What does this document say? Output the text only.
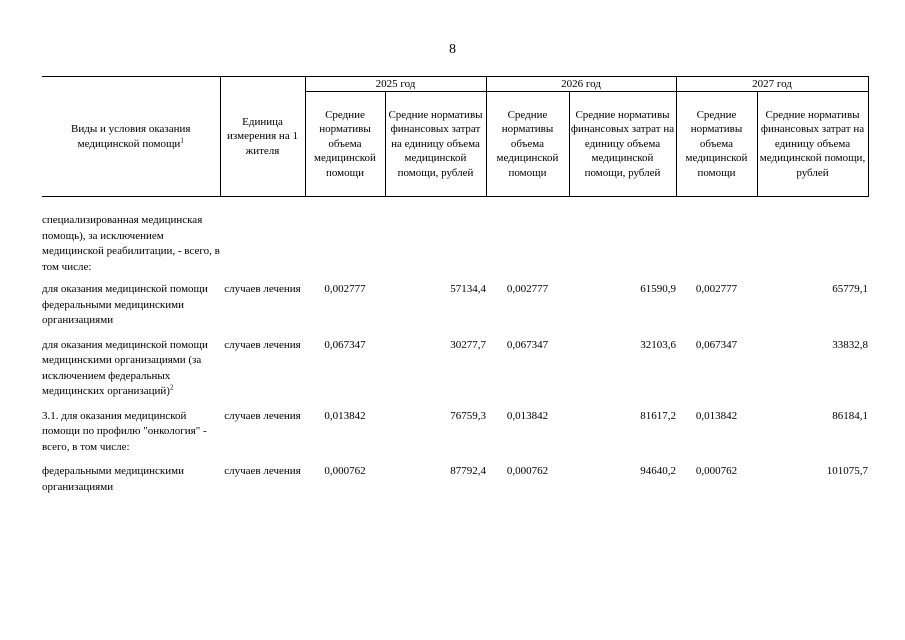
8
Виды и условия оказания медицинской помощи$^1$	Единица измерения на 1 жителя	2025 год		2026 год		2027 год	
		Средние нормативы объема медицинской помощи	Средние нормативы финансовых затрат на единицу объема медицинской помощи, рублей	Средние нормативы объема медицинской помощи	Средние нормативы финансовых затрат на единицу объема медицинской помощи, рублей	Средние нормативы объема медицинской помощи	Средние нормативы финансовых затрат на единицу объема медицинской помощи, рублей

специализированная медицинская помощь), за исключением медицинской реабилитации, - всего, в том числе:							
для оказания медицинской помощи федеральными медицинскими организациями	случаев лечения	0,002777	57134,4	0,002777	61590,9	0,002777	65779,1
для оказания медицинской помощи медицинскими организациями (за исключением федеральных медицинских организаций)$^2$	случаев лечения	0,067347	30277,7	0,067347	32103,6	0,067347	33832,8
3.1. для оказания медицинской помощи по профилю "онкология" - всего, в том числе:	случаев лечения	0,013842	76759,3	0,013842	81617,2	0,013842	86184,1
федеральными медицинскими организациями	случаев лечения	0,000762	87792,4	0,000762	94640,2	0,000762	101075,7
